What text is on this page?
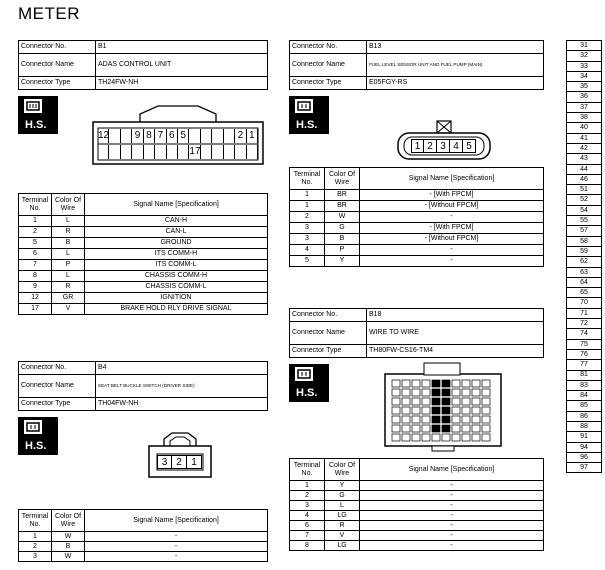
METER
Connector No.	B1
Connector Name	ADAS CONTROL UNIT
Connector Type	TH24FW-NH
H.S.
12	9 8 7 6 5	2 1
17
Terminal No.	Color Of Wire	Signal Name [Specification]
1	L	CAN-H
2	R	CAN-L
5	B	GROUND
6	L	ITS COMM-H
7	P	ITS COMM-L
8	L	CHASSIS COMM-H
9	R	CHASSIS COMM-L
12	GR	IGNITION
17	V	BRAKE HOLD RLY DRIVE SIGNAL
Connector No.	B4
Connector Name	SEAT BELT BUCKLE SWITCH (DRIVER SIDE)
Connector Type	TH04FW-NH
H.S.
3 2 1
Terminal No.	Color Of Wire	Signal Name [Specification]
1	W	-
2	B	-
3	W	-
Connector No.	B13
Connector Name	FUEL LEVEL SENSOR UNIT AND FUEL PUMP (MAIN)
Connector Type	E05FGY-RS
H.S.
1 2 3 4 5
Terminal No.	Color Of Wire	Signal Name [Specification]
1	BR	- [With FPCM]
1	BR	- [Without FPCM]
2	W	-
3	G	- [With FPCM]
3	B	- [Without FPCM]
4	P	-
5	Y	-
Connector No.	B18
Connector Name	WIRE TO WIRE
Connector Type	TH80FW-CS16-TM4
H.S.
Terminal No.	Color Of Wire	Signal Name [Specification]
1	Y	-
2	G	-
3	L	-
4	LG	-
6	R	-
7	V	-
8	LG	-
31
32
33
34
35
36
37
38
40
41
42
43
44
46
51
52
54
55
57
58
59
62
63
64
65
70
71
72
74
75
76
77
81
83
84
85
86
88
91
94
96
97
